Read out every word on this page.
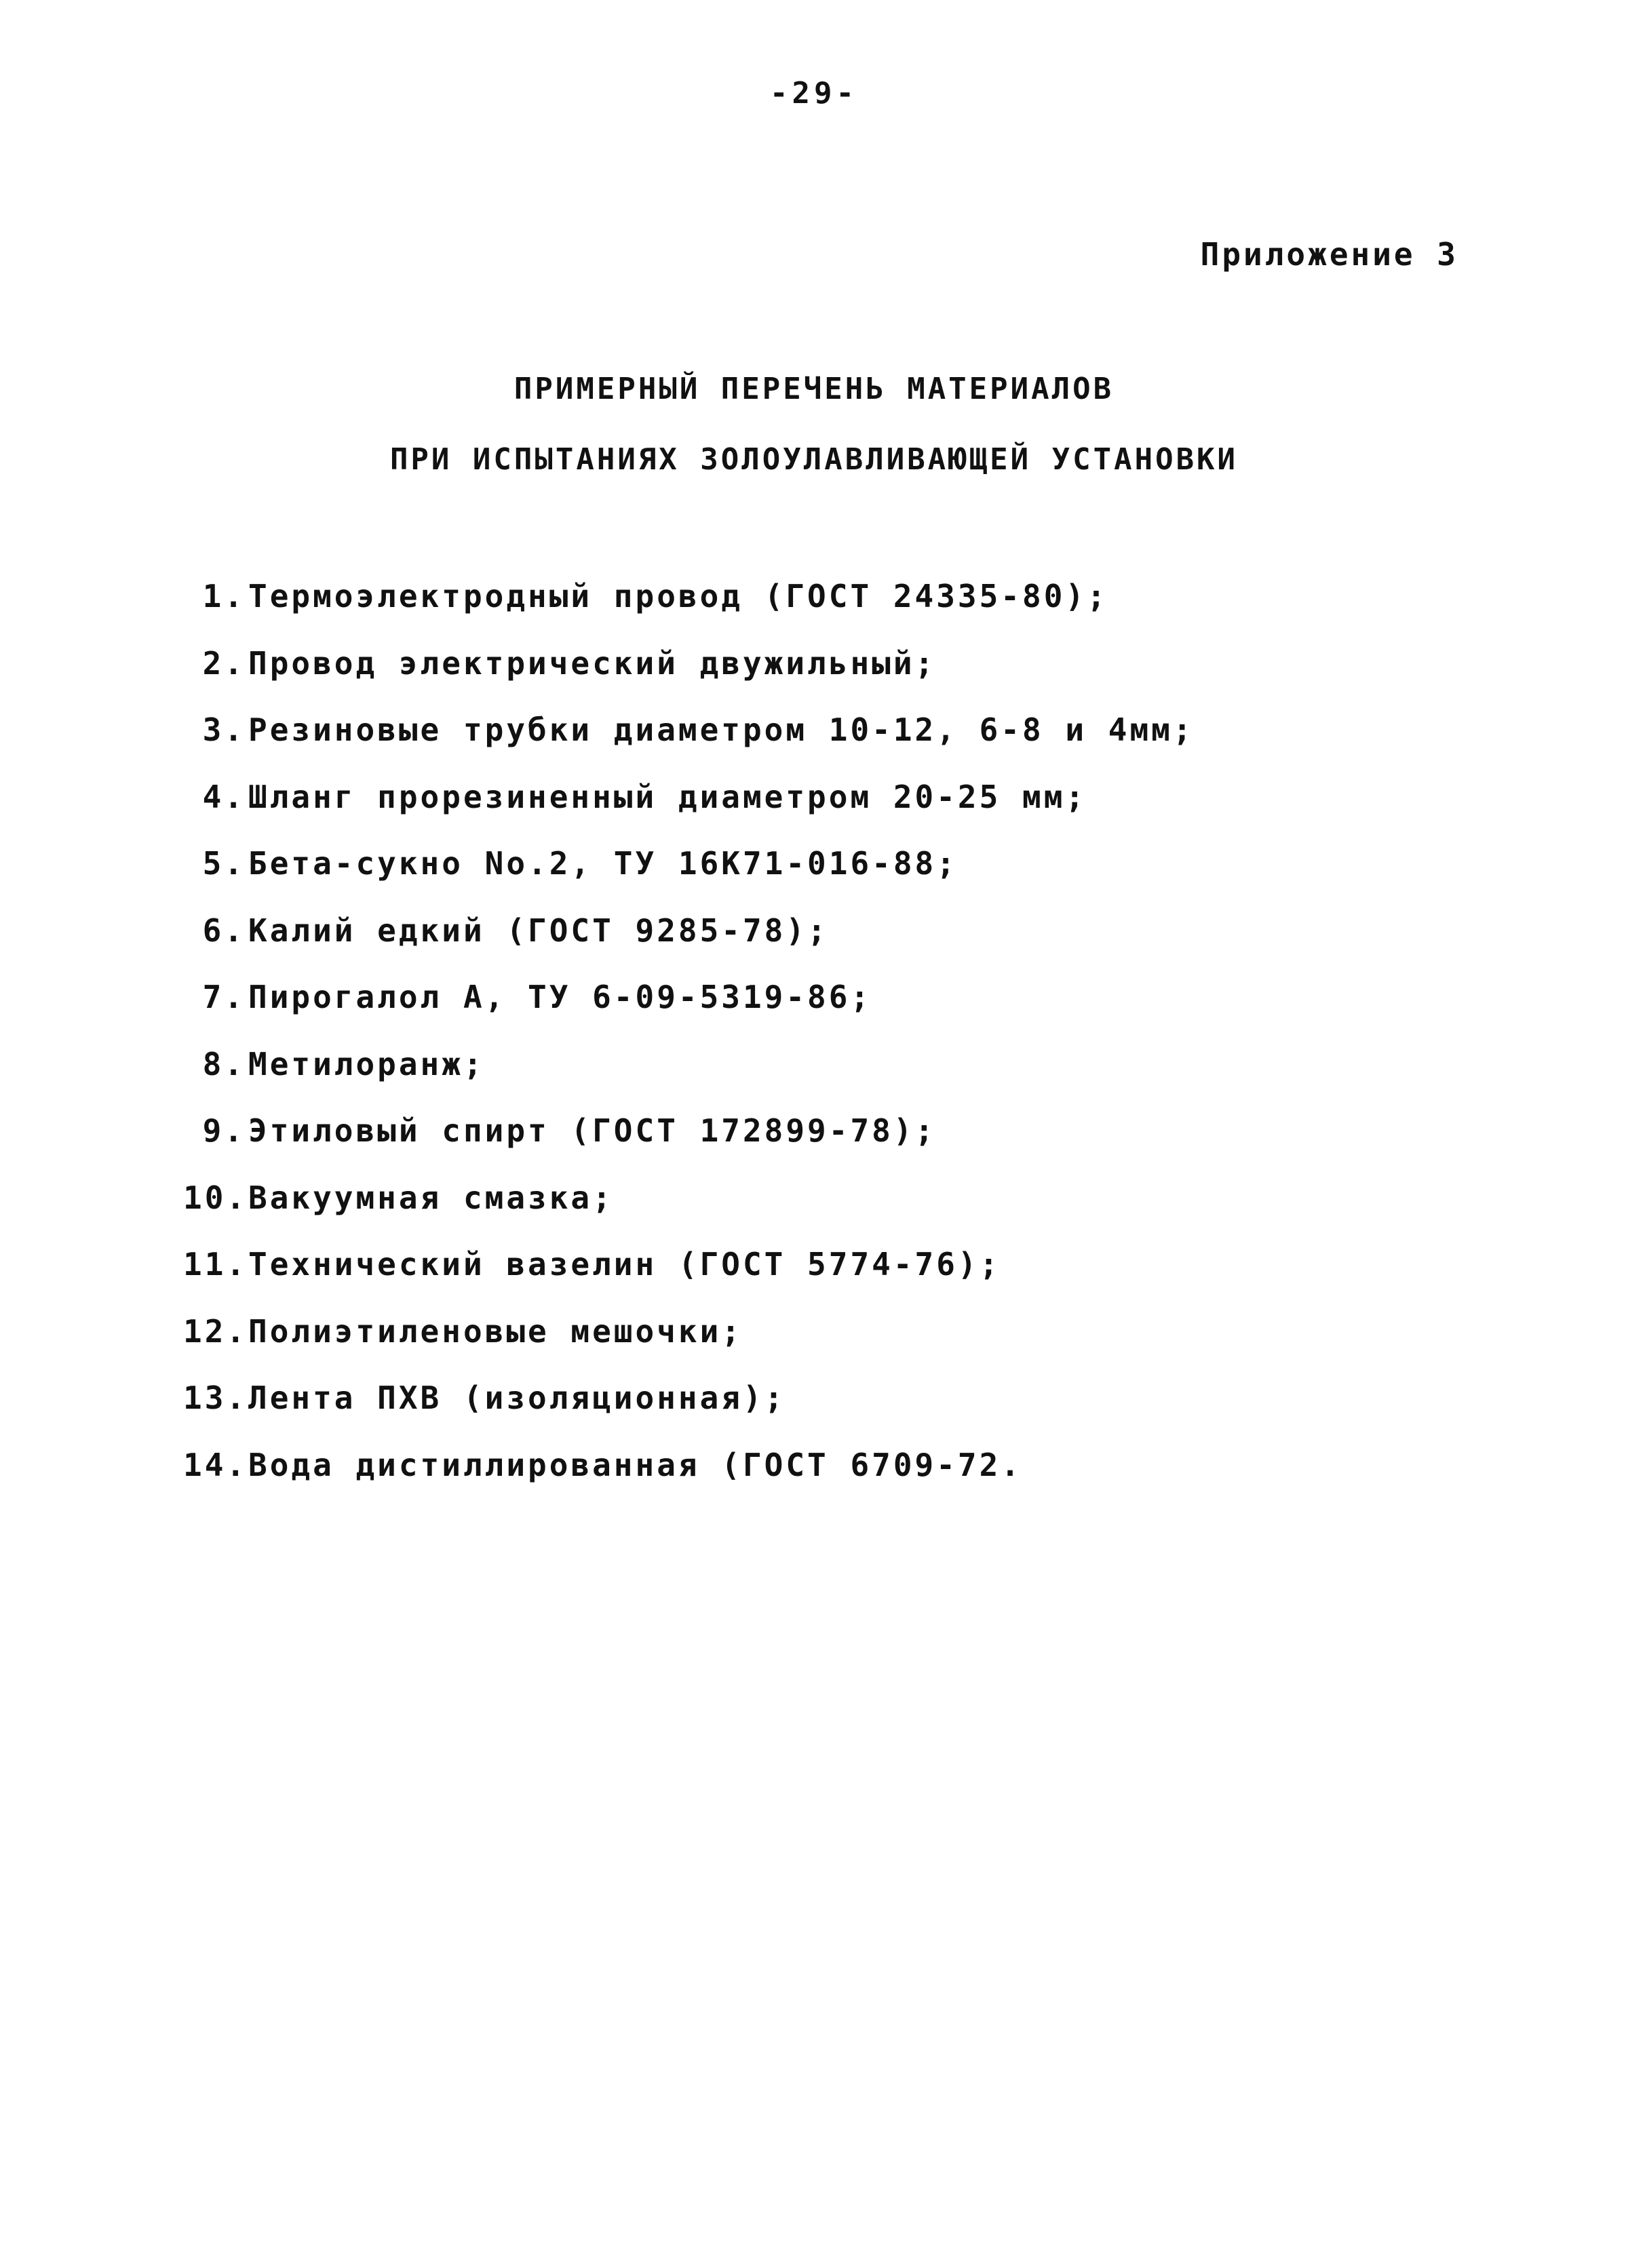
-29-
Приложение 3
ПРИМЕРНЫЙ ПЕРЕЧЕНЬ МАТЕРИАЛОВ
ПРИ ИСПЫТАНИЯХ ЗОЛОУЛАВЛИВАЮЩЕЙ УСТАНОВКИ
1. Термоэлектродный провод (ГОСТ 24335-80);
2. Провод электрический двужильный;
3. Резиновые трубки диаметром 10-12, 6-8 и 4мм;
4. Шланг прорезиненный диаметром 20-25 мм;
5. Бета-сукно No.2, ТУ 16К71-016-88;
6. Калий едкий (ГОСТ 9285-78);
7. Пирогалол А, ТУ 6-09-5319-86;
8. Метилоранж;
9. Этиловый спирт (ГОСТ 172899-78);
10. Вакуумная смазка;
11. Технический вазелин (ГОСТ 5774-76);
12. Полиэтиленовые мешочки;
13. Лента ПХВ (изоляционная);
14. Вода дистиллированная (ГОСТ 6709-72.
